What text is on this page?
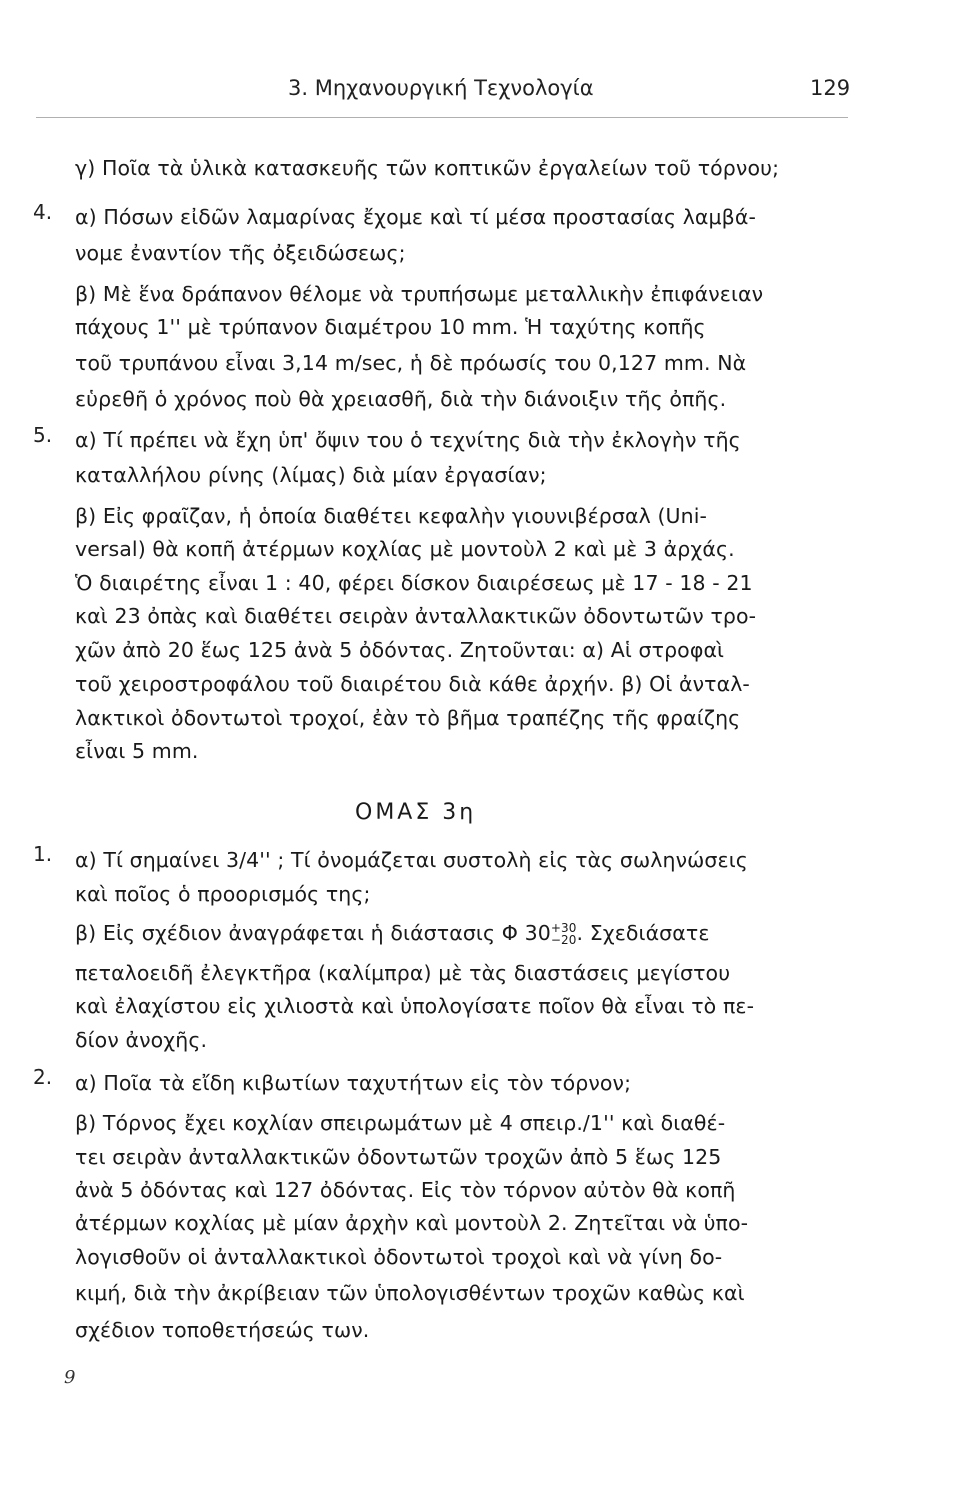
3. Μηχανουργική Τεχνολογία	129
γ) Ποῖα τὰ ὑλικὰ κατασκευῆς τῶν κοπτικῶν ἐργαλείων τοῦ τόρνου;
4. α) Πόσων εἰδῶν λαμαρίνας ἔχομε καὶ τί μέσα προστασίας λαμβά-
νομε ἐναντίον τῆς ὀξειδώσεως;
β) Μὲ ἕνα δράπανον θέλομε νὰ τρυπήσωμε μεταλλικὴν ἐπιφάνειαν
πάχους 1'' μὲ τρύπανον διαμέτρου 10 mm. Ἡ ταχύτης κοπῆς
τοῦ τρυπάνου εἶναι 3,14 m/sec, ἡ δὲ πρόωσίς του 0,127 mm. Νὰ
εὑρεθῆ ὁ χρόνος ποὺ θὰ χρειασθῆ, διὰ τὴν διάνοιξιν τῆς ὀπῆς.
5. α) Τί πρέπει νὰ ἔχη ὑπ' ὄψιν του ὁ τεχνίτης διὰ τὴν ἐκλογὴν τῆς
καταλλήλου ρίνης (λίμας) διὰ μίαν ἐργασίαν;
β) Εἰς φραῖζαν, ἡ ὁποία διαθέτει κεφαλὴν γιουνιβέρσαλ (Uni-
versal) θὰ κοπῆ ἀτέρμων κοχλίας μὲ μοντοὺλ 2 καὶ μὲ 3 ἀρχάς.
Ὁ διαιρέτης εἶναι 1 : 40, φέρει δίσκον διαιρέσεως μὲ 17 - 18 - 21
καὶ 23 ὀπὰς καὶ διαθέτει σειρὰν ἀνταλλακτικῶν ὀδοντωτῶν τρο-
χῶν ἀπὸ 20 ἕως 125 ἀνὰ 5 ὀδόντας. Ζητοῦνται: α) Αἱ στροφαὶ
τοῦ χειροστροφάλου τοῦ διαιρέτου διὰ κάθε ἀρχήν. β) Οἱ ἀνταλ-
λακτικοὶ ὀδοντωτοὶ τροχοί, ἐὰν τὸ βῆμα τραπέζης τῆς φραίζης
εἶναι 5 mm.
ΟΜΑΣ 3η
1. α) Τί σημαίνει 3/4'' ; Τί ὀνομάζεται συστολὴ εἰς τὰς σωληνώσεις
καὶ ποῖος ὁ προορισμός της;
β) Εἰς σχέδιον ἀναγράφεται ἡ διάστασις Φ 30 +30
−20 . Σχεδιάσατε
πεταλοειδῆ ἐλεγκτῆρα (καλίμπρα) μὲ τὰς διαστάσεις μεγίστου
καὶ ἐλαχίστου εἰς χιλιοστὰ καὶ ὑπολογίσατε ποῖον θὰ εἶναι τὸ πε-
δίον ἀνοχῆς.
2. α) Ποῖα τὰ εἴδη κιβωτίων ταχυτήτων εἰς τὸν τόρνον;
β) Τόρνος ἔχει κοχλίαν σπειρωμάτων μὲ 4 σπειρ./1'' καὶ διαθέ-
τει σειρὰν ἀνταλλακτικῶν ὀδοντωτῶν τροχῶν ἀπὸ 5 ἕως 125
ἀνὰ 5 ὀδόντας καὶ 127 ὀδόντας. Εἰς τὸν τόρνον αὐτὸν θὰ κοπῆ
ἀτέρμων κοχλίας μὲ μίαν ἀρχὴν καὶ μοντοὺλ 2. Ζητεῖται νὰ ὑπο-
λογισθοῦν οἱ ἀνταλλακτικοὶ ὀδοντωτοὶ τροχοὶ καὶ νὰ γίνη δο-
κιμή, διὰ τὴν ἀκρίβειαν τῶν ὑπολογισθέντων τροχῶν καθὼς καὶ
σχέδιον τοποθετήσεώς των.
9
